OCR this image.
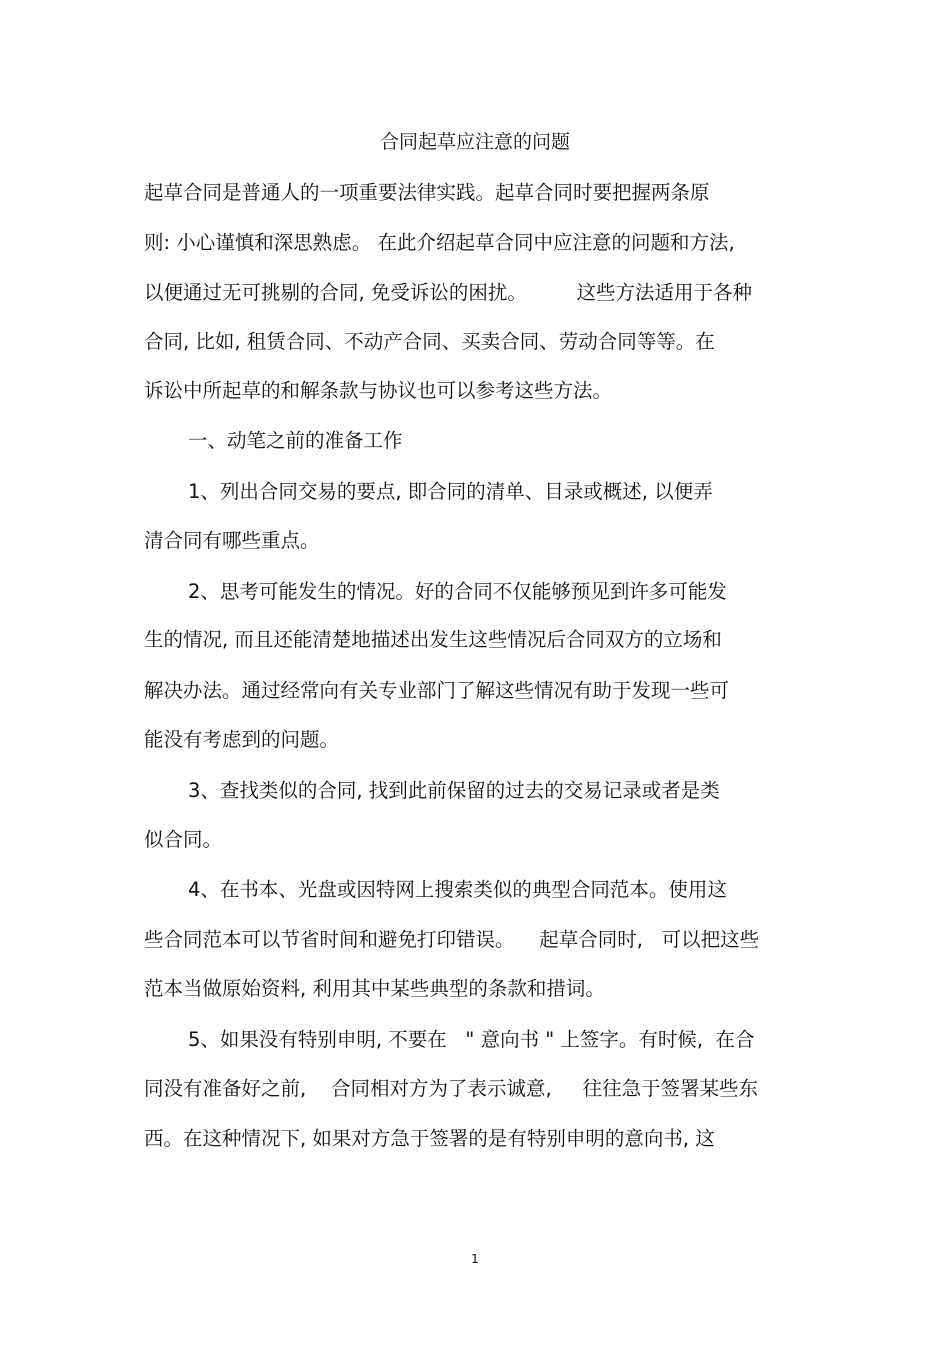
合同起草应注意的问题

起草合同是普通人的一项重要法律实践。起草合同时要把握两条原

则: 小心谨慎和深思熟虑。 在此介绍起草合同中应注意的问题和方法,

以便通过无可挑剔的合同, 免受诉讼的困扰。        这些方法适用于各种

合同, 比如, 租赁合同、不动产合同、买卖合同、劳动合同等等。在

诉讼中所起草的和解条款与协议也可以参考这些方法。

一、动笔之前的准备工作

1、列出合同交易的要点, 即合同的清单、目录或概述, 以便弄

清合同有哪些重点。

2、思考可能发生的情况。好的合同不仅能够预见到许多可能发

生的情况, 而且还能清楚地描述出发生这些情况后合同双方的立场和

解决办法。通过经常向有关专业部门了解这些情况有助于发现一些可

能没有考虑到的问题。

3、查找类似的合同, 找到此前保留的过去的交易记录或者是类

似合同。

4、在书本、光盘或因特网上搜索类似的典型合同范本。使用这

些合同范本可以节省时间和避免打印错误。    起草合同时,   可以把这些

范本当做原始资料, 利用其中某些典型的条款和措词。

5、如果没有特别申明, 不要在   " 意向书 " 上签字。有时候,  在合

同没有准备好之前,    合同相对方为了表示诚意,     往往急于签署某些东

西。在这种情况下, 如果对方急于签署的是有特别申明的意向书, 这

1
